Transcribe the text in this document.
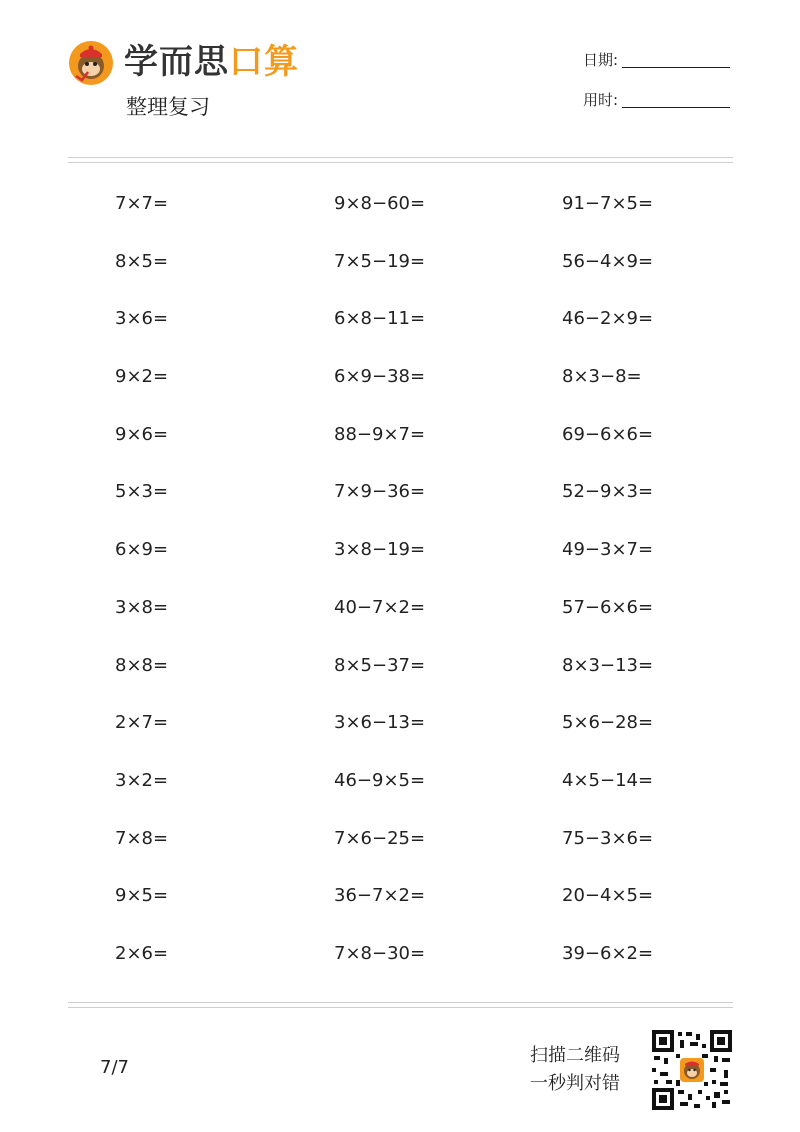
学而思口算
整理复习
日期:
用时:
7×7=	9×8−60=	91−7×5=
8×5=	7×5−19=	56−4×9=
3×6=	6×8−11=	46−2×9=
9×2=	6×9−38=	8×3−8=
9×6=	88−9×7=	69−6×6=
5×3=	7×9−36=	52−9×3=
6×9=	3×8−19=	49−3×7=
3×8=	40−7×2=	57−6×6=
8×8=	8×5−37=	8×3−13=
2×7=	3×6−13=	5×6−28=
3×2=	46−9×5=	4×5−14=
7×8=	7×6−25=	75−3×6=
9×5=	36−7×2=	20−4×5=
2×6=	7×8−30=	39−6×2=
7/7
扫描二维码
一秒判对错
